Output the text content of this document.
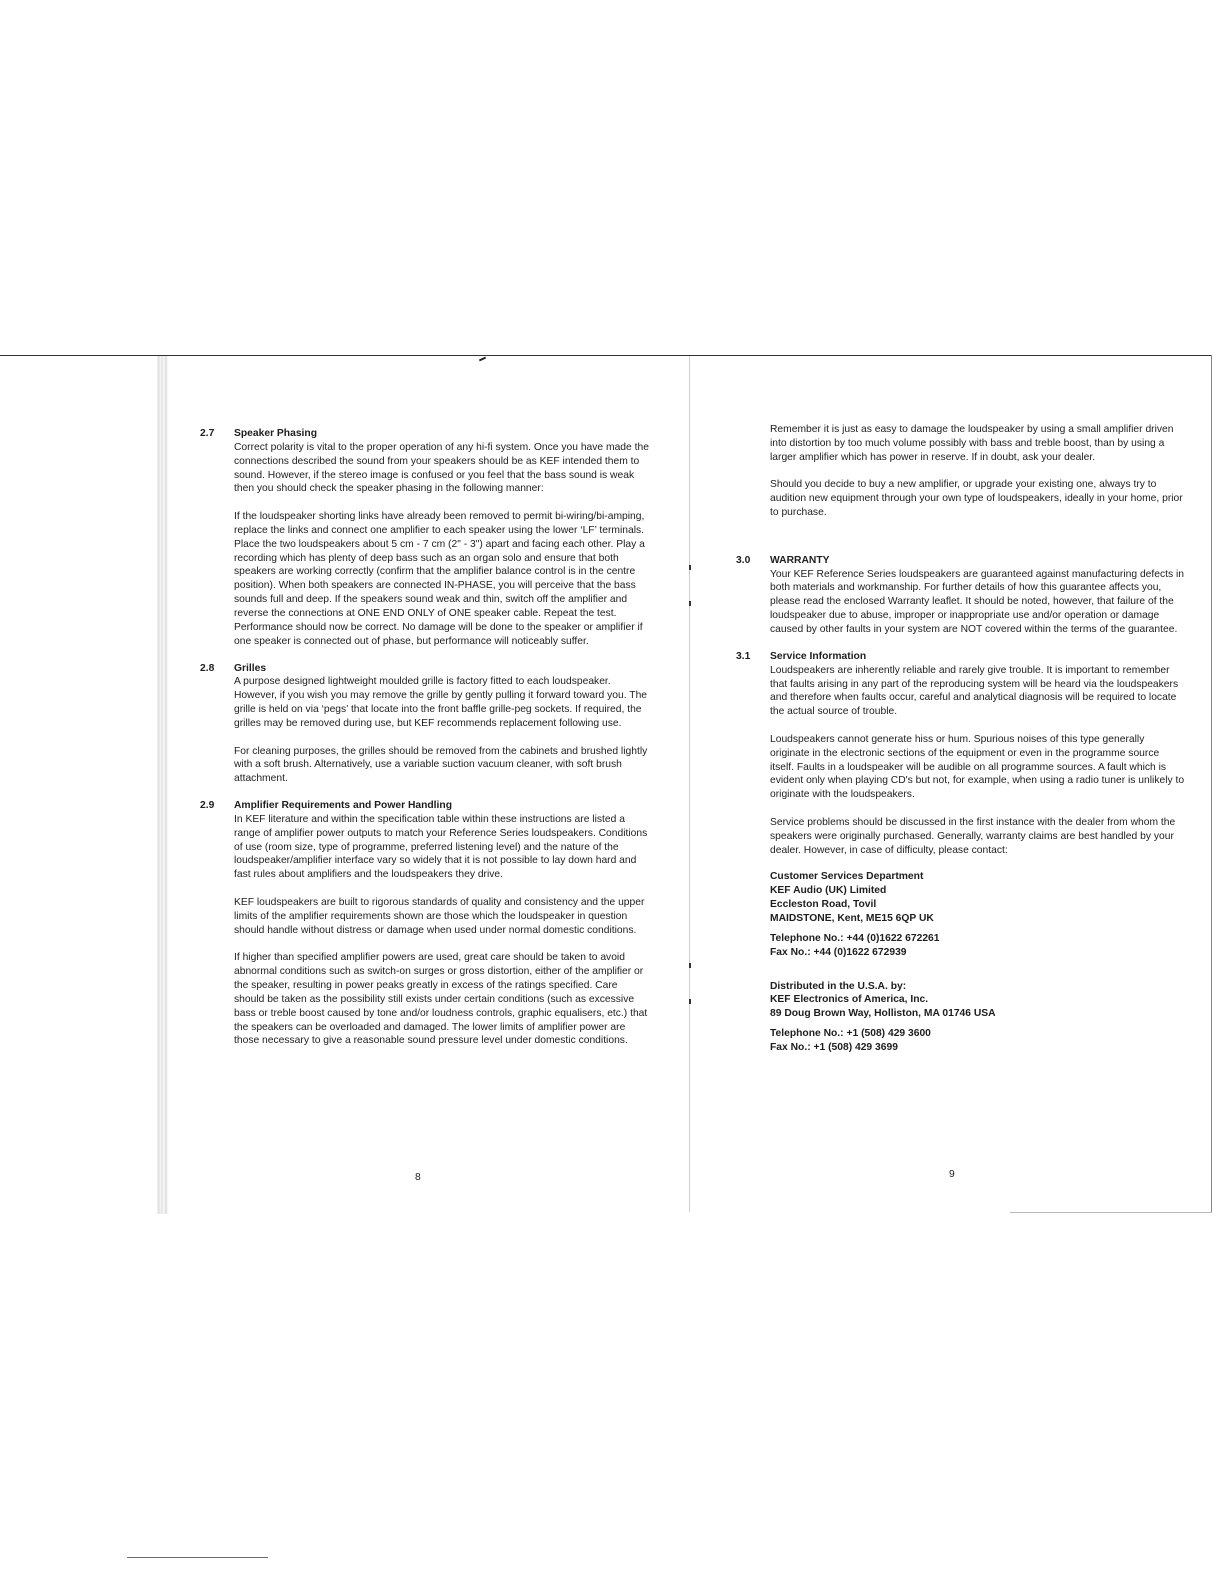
2.7 Speaker Phasing

Correct polarity is vital to the proper operation of any hi-fi system. Once you have made the connections described the sound from your speakers should be as KEF intended them to sound. However, if the stereo image is confused or you feel that the bass sound is weak then you should check the speaker phasing in the following manner:

If the loudspeaker shorting links have already been removed to permit bi-wiring/bi-amping, replace the links and connect one amplifier to each speaker using the lower ‘LF’ terminals. Place the two loudspeakers about 5 cm - 7 cm (2" - 3") apart and facing each other. Play a recording which has plenty of deep bass such as an organ solo and ensure that both speakers are working correctly (confirm that the amplifier balance control is in the centre position). When both speakers are connected IN-PHASE, you will perceive that the bass sounds full and deep. If the speakers sound weak and thin, switch off the amplifier and reverse the connections at ONE END ONLY of ONE speaker cable. Repeat the test. Performance should now be correct. No damage will be done to the speaker or amplifier if one speaker is connected out of phase, but performance will noticeably suffer.

2.8 Grilles

A purpose designed lightweight moulded grille is factory fitted to each loudspeaker. However, if you wish you may remove the grille by gently pulling it forward toward you. The grille is held on via ‘pegs’ that locate into the front baffle grille-peg sockets. If required, the grilles may be removed during use, but KEF recommends replacement following use.

For cleaning purposes, the grilles should be removed from the cabinets and brushed lightly with a soft brush. Alternatively, use a variable suction vacuum cleaner, with soft brush attachment.

2.9 Amplifier Requirements and Power Handling

In KEF literature and within the specification table within these instructions are listed a range of amplifier power outputs to match your Reference Series loudspeakers. Conditions of use (room size, type of programme, preferred listening level) and the nature of the loudspeaker/amplifier interface vary so widely that it is not possible to lay down hard and fast rules about amplifiers and the loudspeakers they drive.

KEF loudspeakers are built to rigorous standards of quality and consistency and the upper limits of the amplifier requirements shown are those which the loudspeaker in question should handle without distress or damage when used under normal domestic conditions.

If higher than specified amplifier powers are used, great care should be taken to avoid abnormal conditions such as switch-on surges or gross distortion, either of the amplifier or the speaker, resulting in power peaks greatly in excess of the ratings specified. Care should be taken as the possibility still exists under certain conditions (such as excessive bass or treble boost caused by tone and/or loudness controls, graphic equalisers, etc.) that the speakers can be overloaded and damaged. The lower limits of amplifier power are those necessary to give a reasonable sound pressure level under domestic conditions.

8

Remember it is just as easy to damage the loudspeaker by using a small amplifier driven into distortion by too much volume possibly with bass and treble boost, than by using a larger amplifier which has power in reserve. If in doubt, ask your dealer.

Should you decide to buy a new amplifier, or upgrade your existing one, always try to audition new equipment through your own type of loudspeakers, ideally in your home, prior to purchase.

3.0 WARRANTY

Your KEF Reference Series loudspeakers are guaranteed against manufacturing defects in both materials and workmanship. For further details of how this guarantee affects you, please read the enclosed Warranty leaflet. It should be noted, however, that failure of the loudspeaker due to abuse, improper or inappropriate use and/or operation or damage caused by other faults in your system are NOT covered within the terms of the guarantee.

3.1 Service Information

Loudspeakers are inherently reliable and rarely give trouble. It is important to remember that faults arising in any part of the reproducing system will be heard via the loudspeakers and therefore when faults occur, careful and analytical diagnosis will be required to locate the actual source of trouble.

Loudspeakers cannot generate hiss or hum. Spurious noises of this type generally originate in the electronic sections of the equipment or even in the programme source itself. Faults in a loudspeaker will be audible on all programme sources. A fault which is evident only when playing CD's but not, for example, when using a radio tuner is unlikely to originate with the loudspeakers.

Service problems should be discussed in the first instance with the dealer from whom the speakers were originally purchased. Generally, warranty claims are best handled by your dealer. However, in case of difficulty, please contact:

Customer Services Department
KEF Audio (UK) Limited
Eccleston Road, Tovil
MAIDSTONE, Kent, ME15 6QP UK
Telephone No.: +44 (0)1622 672261
Fax No.: +44 (0)1622 672939
Distributed in the U.S.A. by:
KEF Electronics of America, Inc.
89 Doug Brown Way, Holliston, MA 01746 USA
Telephone No.: +1 (508) 429 3600
Fax No.: +1 (508) 429 3699
9
